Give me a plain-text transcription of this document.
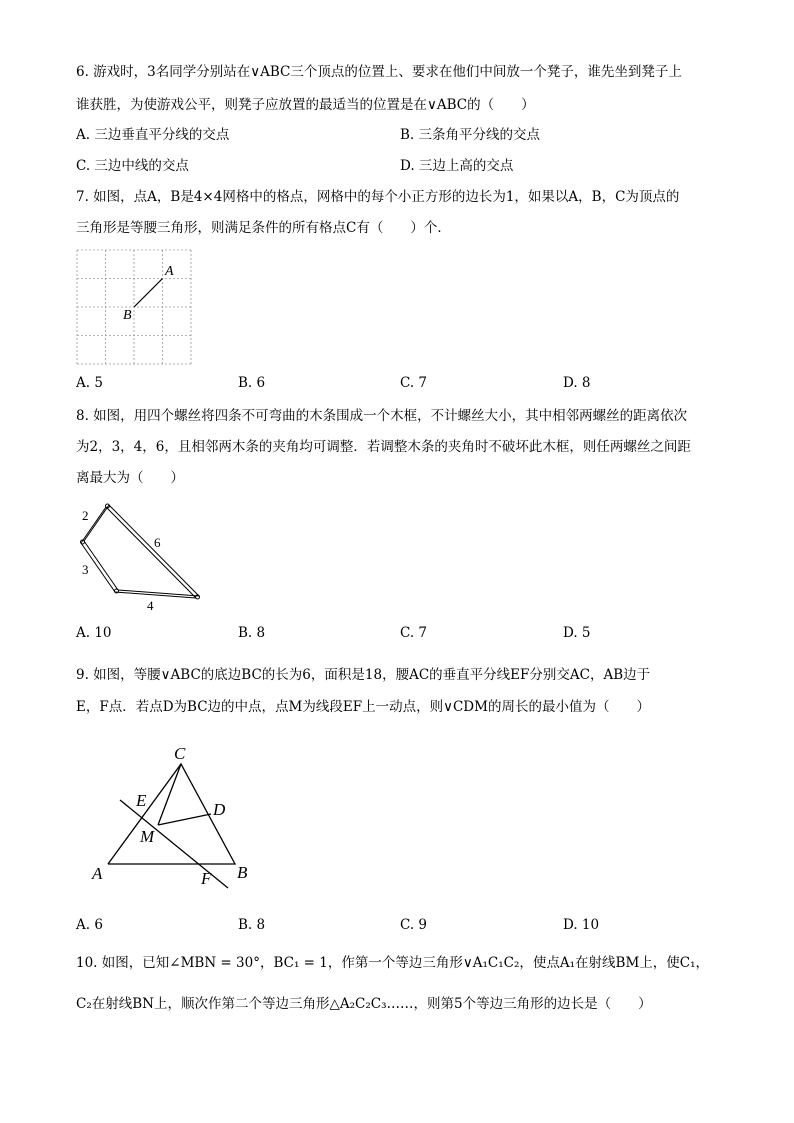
6. 游戏时，3名同学分别站在∨ABC三个顶点的位置上、要求在他们中间放一个凳子，谁先坐到凳子上
谁获胜，为使游戏公平，则凳子应放置的最适当的位置是在∨ABC的（　　）
A. 三边垂直平分线的交点	B. 三条角平分线的交点
C. 三边中线的交点	D. 三边上高的交点
7. 如图，点A，B是4×4网格中的格点，网格中的每个小正方形的边长为1，如果以A，B，C为顶点的
三角形是等腰三角形，则满足条件的所有格点C有（　　）个．
A
B
A. 5	B. 6	C. 7	D. 8
8. 如图，用四个螺丝将四条不可弯曲的木条围成一个木框，不计螺丝大小，其中相邻两螺丝的距离依次
为2，3，4，6，且相邻两木条的夹角均可调整．若调整木条的夹角时不破坏此木框，则任两螺丝之间距
离最大为（　　）
2
6
3
4
A. 10	B. 8	C. 7	D. 5
9. 如图，等腰∨ABC的底边BC的长为6，面积是18，腰AC的垂直平分线EF分别交AC，AB边于
E，F点．若点D为BC边的中点，点M为线段EF上一动点，则∨CDM的周长的最小值为（　　）
C
E	D
M
A	F B
A. 6	B. 8	C. 9	D. 10
10. 如图，已知∠MBN = 30°，BC₁ = 1，作第一个等边三角形∨A₁C₁C₂，使点A₁在射线BM上，使C₁，
C₂在射线BN上，顺次作第二个等边三角形△A₂C₂C₃……，则第5个等边三角形的边长是（　　）
